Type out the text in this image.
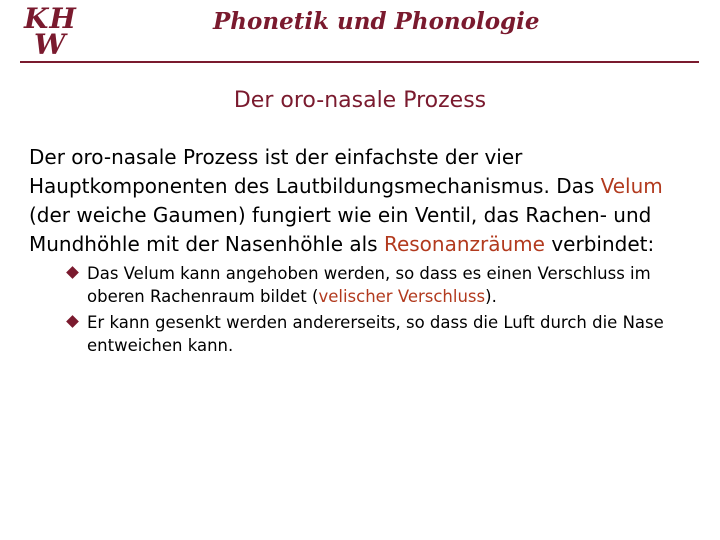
KH
W
Phonetik und Phonologie
Der oro-nasale Prozess

Der oro-nasale Prozess ist der einfachste der vier Hauptkomponenten des Lautbildungsmechanismus. Das Velum (der weiche Gaumen) fungiert wie ein Ventil, das Rachen- und Mundhöhle mit der Nasenhöhle als Resonanzräume verbindet:

Das Velum kann angehoben werden, so dass es einen Verschluss im oberen Rachenraum bildet (velischer Verschluss).
Er kann gesenkt werden andererseits, so dass die Luft durch die Nase entweichen kann.
